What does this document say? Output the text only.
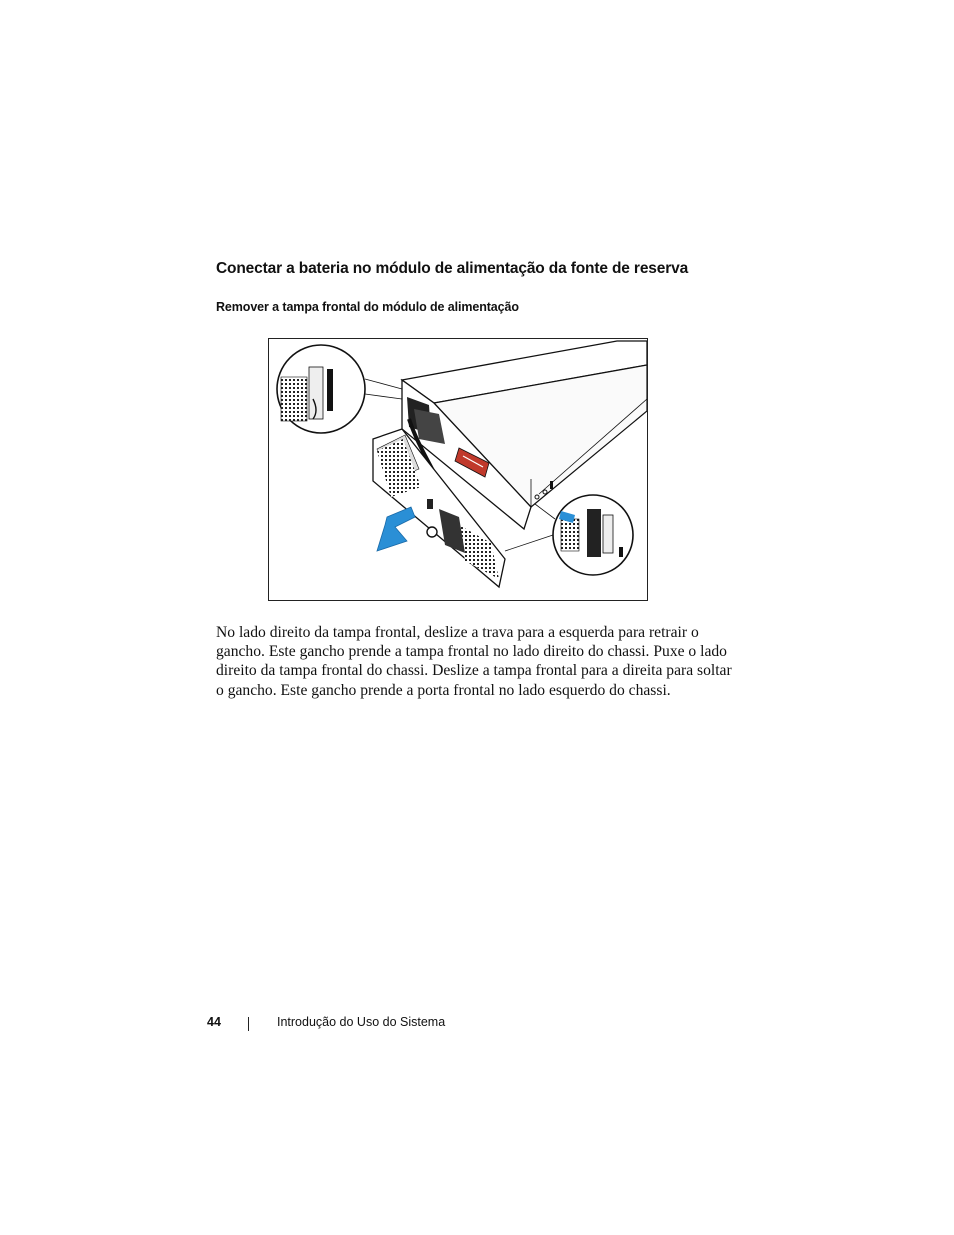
Conectar a bateria no módulo de alimentação da fonte de reserva
Remover a tampa frontal do módulo de alimentação
No lado direito da tampa frontal, deslize a trava para a esquerda para retrair o
gancho. Este gancho prende a tampa frontal no lado direito do chassi. Puxe o lado
direito da tampa frontal do chassi. Deslize a tampa frontal para a direita para soltar
o gancho. Este gancho prende a porta frontal no lado esquerdo do chassi.
44	Introdução do Uso do Sistema
